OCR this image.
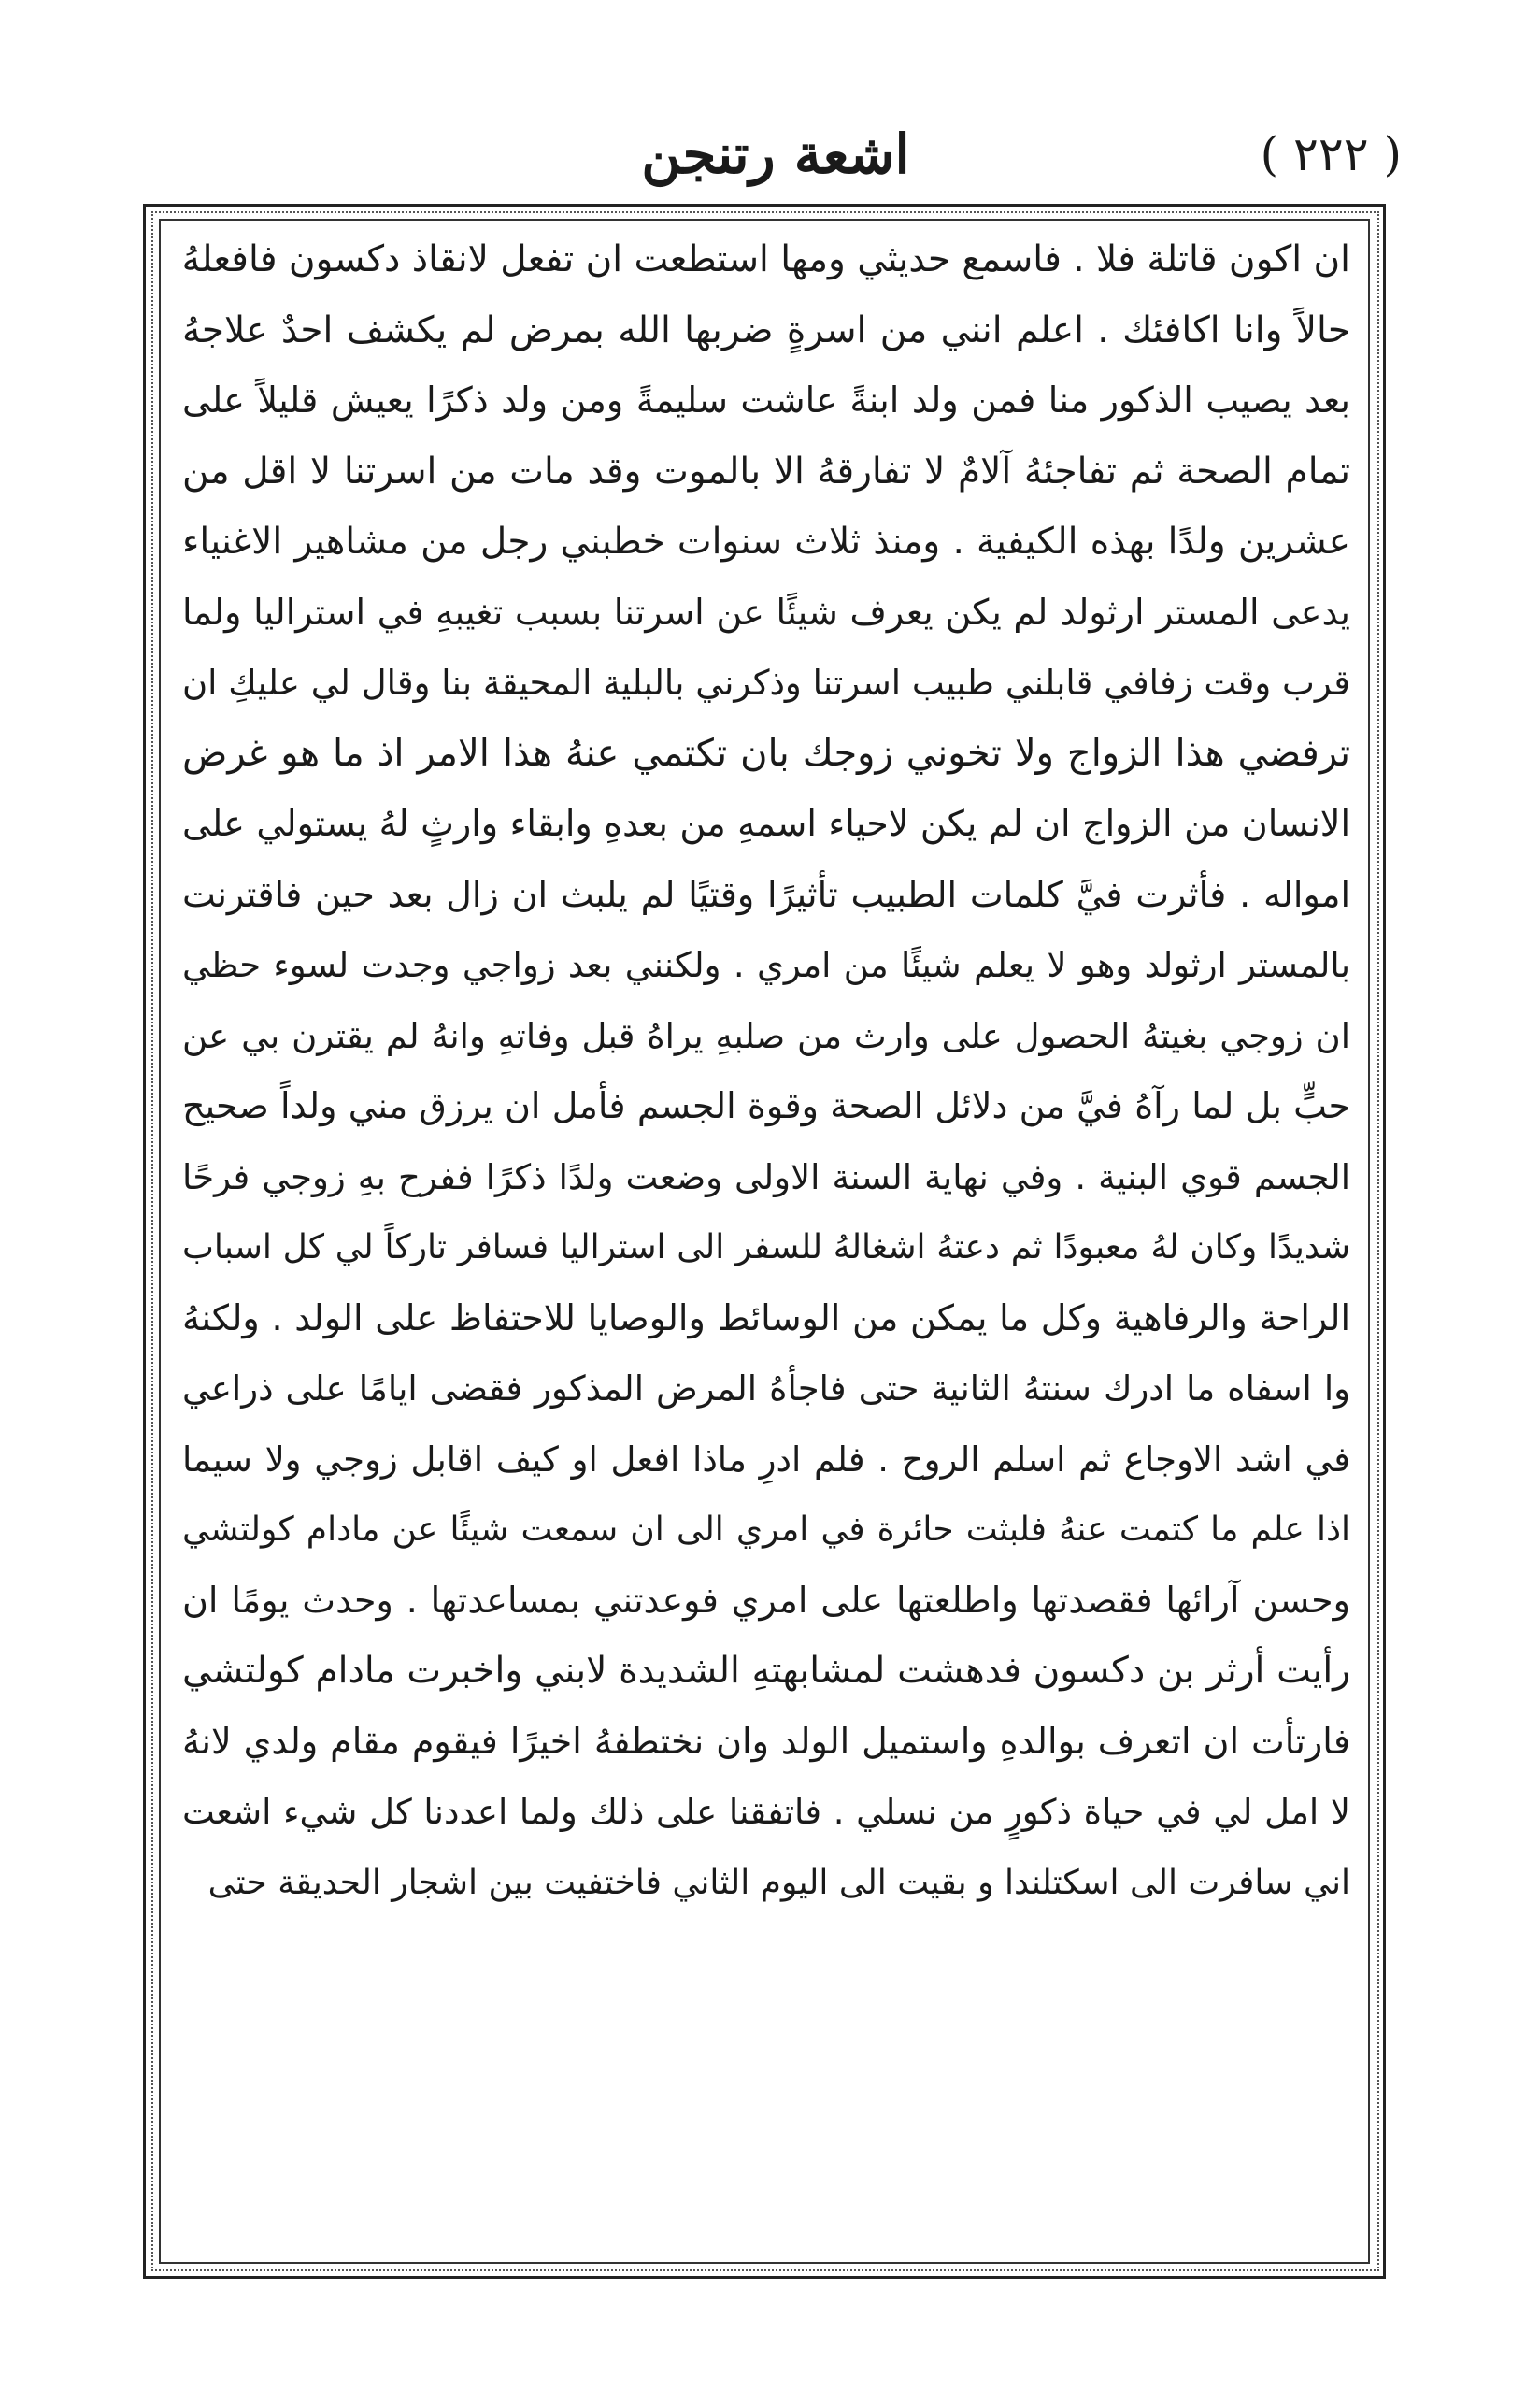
( ٢٢٢ )
اشعة رتنجن
ان اكون قاتلة فلا . فاسمع حديثي ومها استطعت ان تفعل لانقاذ دكسون فافعلهُ
حالاً وانا اكافئك . اعلم انني من اسرةٍ ضربها الله بمرض لم يكشف احدٌ علاجهُ
بعد يصيب الذكور منا فمن ولد ابنةً عاشت سليمةً ومن ولد ذكرًا يعيش قليلاً على
تمام الصحة ثم تفاجئهُ آلامٌ لا تفارقهُ الا بالموت وقد مات من اسرتنا لا اقل من
عشرين ولدًا بهذه الكيفية . ومنذ ثلاث سنوات خطبني رجل من مشاهير الاغنياء
يدعى المستر ارثولد لم يكن يعرف شيئًا عن اسرتنا بسبب تغيبهِ في استراليا ولما
قرب وقت زفافي قابلني طبيب اسرتنا وذكرني بالبلية المحيقة بنا وقال لي عليكِ ان
ترفضي هذا الزواج ولا تخوني زوجك بان تكتمي عنهُ هذا الامر اذ ما هو غرض
الانسان من الزواج ان لم يكن لاحياء اسمهِ من بعدهِ وابقاء وارثٍ لهُ يستولي على
امواله . فأثرت فيَّ كلمات الطبيب تأثيرًا وقتيًا لم يلبث ان زال بعد حين فاقترنت
بالمستر ارثولد وهو لا يعلم شيئًا من امري . ولكنني بعد زواجي وجدت لسوء حظي
ان زوجي بغيتهُ الحصول على وارث من صلبهِ يراهُ قبل وفاتهِ وانهُ لم يقترن بي عن
حبٍّ بل لما رآهُ فيَّ من دلائل الصحة وقوة الجسم فأمل ان يرزق مني ولداً صحيح
الجسم قوي البنية . وفي نهاية السنة الاولى وضعت ولدًا ذكرًا ففرح بهِ زوجي فرحًا
شديدًا وكان لهُ معبودًا ثم دعتهُ اشغالهُ للسفر الى استراليا فسافر تاركاً لي كل اسباب
الراحة والرفاهية وكل ما يمكن من الوسائط والوصايا للاحتفاظ على الولد . ولكنهُ
وا اسفاه ما ادرك سنتهُ الثانية حتى فاجأهُ المرض المذكور فقضى ايامًا على ذراعي
في اشد الاوجاع ثم اسلم الروح . فلم ادرِ ماذا افعل او كيف اقابل زوجي ولا سيما
اذا علم ما كتمت عنهُ فلبثت حائرة في امري الى ان سمعت شيئًا عن مادام كولتشي
وحسن آرائها فقصدتها واطلعتها على امري فوعدتني بمساعدتها . وحدث يومًا ان
رأيت أرثر بن دكسون فدهشت لمشابهتهِ الشديدة لابني واخبرت مادام كولتشي
فارتأت ان اتعرف بوالدهِ واستميل الولد وان نختطفهُ اخيرًا فيقوم مقام ولدي لانهُ
لا امل لي في حياة ذكورٍ من نسلي . فاتفقنا على ذلك ولما اعددنا كل شيء اشعت
اني سافرت الى اسكتلندا و بقيت الى اليوم الثاني فاختفيت بين اشجار الحديقة حتى
